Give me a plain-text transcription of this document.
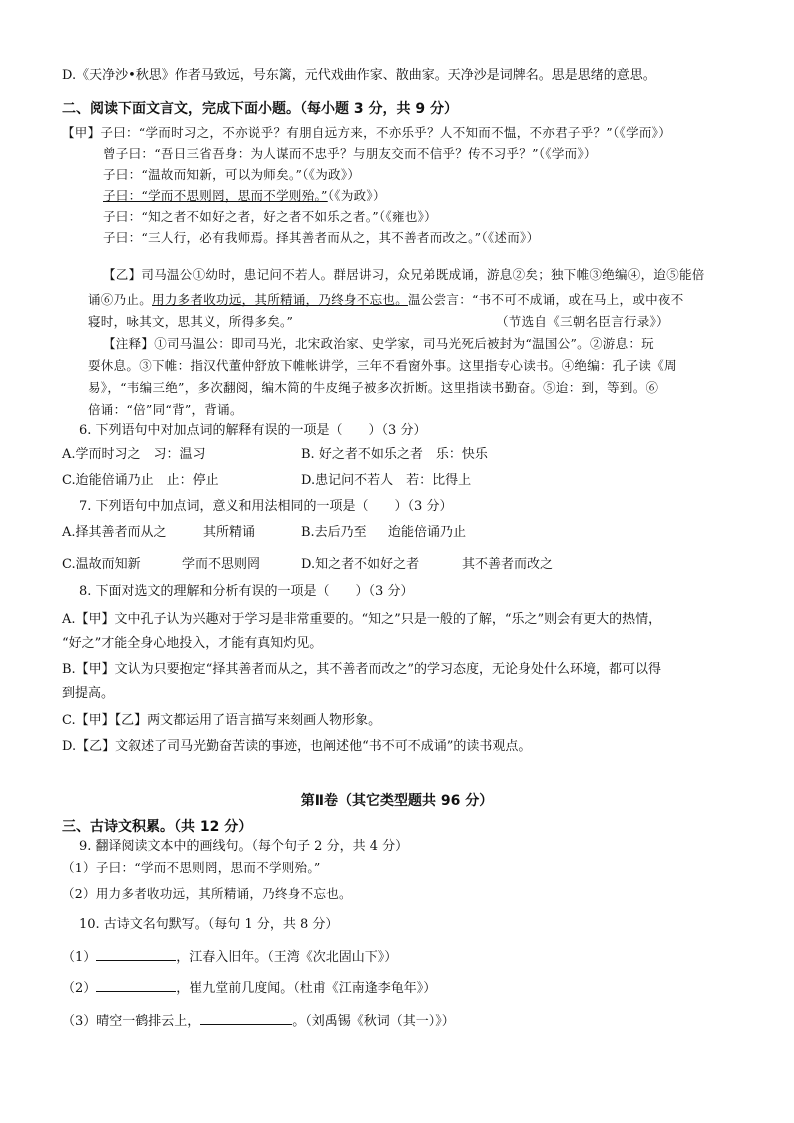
D.《天净沙•秋思》作者马致远，号东篱，元代戏曲作家、散曲家。天净沙是词牌名。思是思绪的意思。
二、阅读下面文言文，完成下面小题。（每小题 3 分，共 9 分）
【甲】子曰：“学而时习之，不亦说乎？有朋自远方来，不亦乐乎？人不知而不愠，不亦君子乎？”（《学而》）
曾子曰：“吾日三省吾身：为人谋而不忠乎？与朋友交而不信乎？传不习乎？”（《学而》）
子曰：“温故而知新，可以为师矣。”（《为政》）
子曰：“学而不思则罔，思而不学则殆。”（《为政》）
子曰：“知之者不如好之者，好之者不如乐之者。”（《雍也》）
子曰：“三人行，必有我师焉。择其善者而从之，其不善者而改之。”（《述而》）
【乙】司马温公①幼时，患记问不若人。群居讲习，众兄弟既成诵，游息②矣；独下帷③绝编④，迨⑤能倍
诵⑥乃止。用力多者收功远，其所精诵，乃终身不忘也。温公尝言：“书不可不成诵，或在马上，或中夜不
寝时，咏其文，思其义，所得多矣。”	（节选自《三朝名臣言行录》）
【注释】①司马温公：即司马光，北宋政治家、史学家，司马光死后被封为“温国公”。②游息：玩
耍休息。③下帷：指汉代董仲舒放下帷帐讲学，三年不看窗外事。这里指专心读书。④绝编：孔子读《周
易》，“韦编三绝”，多次翻阅，编木简的牛皮绳子被多次折断。这里指读书勤奋。⑤迨：到，等到。⑥
倍诵：“倍”同“背”，背诵。
6. 下列语句中对加点词的解释有误的一项是（　　）（3 分）
A.学而时习之　习：温习	B. 好之者不如乐之者　乐：快乐
C.迨能倍诵乃止　止：停止	D.患记问不若人　若：比得上
7. 下列语句中加点词，意义和用法相同的一项是（　　）（3 分）
A.择其善者而从之	其所精诵	B.去后乃至 迨能倍诵乃止
C.温故而知新	学而不思则罔	D.知之者不如好之者	其不善者而改之
8. 下面对选文的理解和分析有误的一项是（　　）（3 分）
A.【甲】文中孔子认为兴趣对于学习是非常重要的。“知之”只是一般的了解，“乐之”则会有更大的热情，
“好之”才能全身心地投入，才能有真知灼见。
B.【甲】文认为只要抱定“择其善者而从之，其不善者而改之”的学习态度，无论身处什么环境，都可以得
到提高。
C.【甲】【乙】两文都运用了语言描写来刻画人物形象。
D.【乙】文叙述了司马光勤奋苦读的事迹，也阐述他“书不可不成诵”的读书观点。
第Ⅱ卷（其它类型题共 96 分）
三、古诗文积累。（共 12 分）
9. 翻译阅读文本中的画线句。（每个句子 2 分，共 4 分）
（1）子曰：“学而不思则罔，思而不学则殆。”
（2）用力多者收功远，其所精诵，乃终身不忘也。
10. 古诗文名句默写。（每句 1 分，共 8 分）
（1）	，江春入旧年。（王湾《次北固山下》）
（2）	，崔九堂前几度闻。（杜甫《江南逢李龟年》）
（3）晴空一鹤排云上，	。（刘禹锡《秋词（其一）》）
